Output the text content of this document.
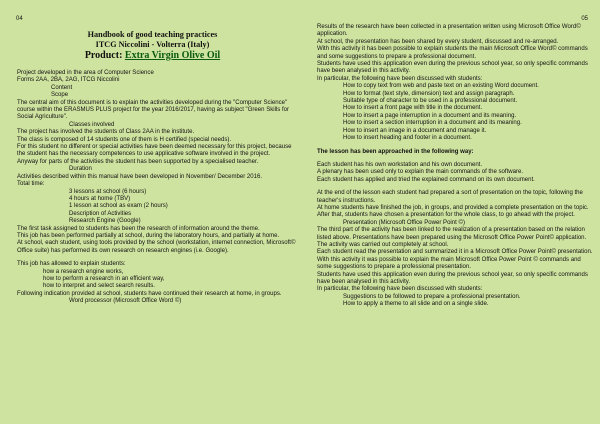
04
Handbook of good teaching practices
ITCG Niccolini - Volterra (Italy)
Product: Extra Virgin Olive Oil

Project developed in the area of Computer Science

Forms 2AA, 2BA, 2AG, ITCG Niccolini

Content

Scope

The central aim of this document is to explain the activities developed during the "Computer Science" course within the ERASMUS PLUS project for the year 2016/2017, having as subject "Green Skills for Social Agriculture".

Classes involved

The project has involved the students of Class 2AA in the institute.

The class is composed of 14 students one of them is H certified (special needs).

For this student no different or special activities have been deemed necessary for this project, because the student has the necessary competences to use applicative software involved in the project.

Anyway for parts of the activities the student has been supported by a specialised teacher.

Duration

Activities described within this manual have been developed in November/ December 2016.

Total time:

3 lessons at school (6 hours)

4 hours at home (TBV)

1 lesson at school as exam (2 hours)

Description of Activities

Research Engine (Google)

The first task assigned to students has been the research of information around the theme.

This job has been performed partially at school, during the laboratory hours, and partially at home.

At school, each student, using tools provided by the school (workstation, internet connection, Microsoft© Office suite) has performed its own research on research engines (i.e. Google).

This job has allowed to explain students:

how a research engine works,

how to perform a research in an efficient way,

how to interpret and select search results.

Following indication provided at school, students have continued their research at home, in groups.

Word processor (Microsoft Office Word ©)

05

Results of the research have been collected in a presentation written using Microsoft Office Word© application.

At school, the presentation has been shared by every student, discussed and re-arranged.

With this activity it has been possible to explain students the main Microsoft Office Word© commands and some suggestions to prepare a professional document.

Students have used this application even during the previous school year, so only specific commands have been analysed in this activity.

In particular, the following have been discussed with students:

How to copy text from web and paste text on an existing Word document.

How to format (text style, dimension) text and assign paragraph.

Suitable type of character to be used in a professional document.

How to insert a front page with title in the document.

How to insert a page interruption in a document and its meaning.

How to insert a section interruption in a document and its meaning.

How to insert an image in a document and manage it.

How to insert heading and footer in a document.

The lesson has been approached in the following way:

Each student has his own workstation and his own document.

A plenary has been used only to explain the main commands of the software.

Each student has applied and tried the explained command on its own document.

At the end of the lesson each student had prepared a sort of presentation on the topic, following the teacher's instructions.

At home students have finished the job, in groups, and provided a complete presentation on the topic.

After that, students have chosen a presentation for the whole class, to go ahead with the project.

Presentation (Microsoft Office Power Point ©)

The third part of the activity has been linked to the realization of a presentation based on the relation listed above. Presentations have been prepared using the Microsoft Office Power Point© application.

The activity was carried out completely at school.

Each student read the presentation and summarized it in a Microsoft Office Power Point© presentation.

With this activity it was possible to explain the main Microsoft Office Power Point © commands and some suggestions to prepare a professional presentation.

Students have used this application even during the previous school year, so only specific commands have been analysed in this activity.

In particular, the following have been discussed with students:

Suggestions to be followed to prepare a professional presentation.

How to apply a theme to all slide and on a single slide.
